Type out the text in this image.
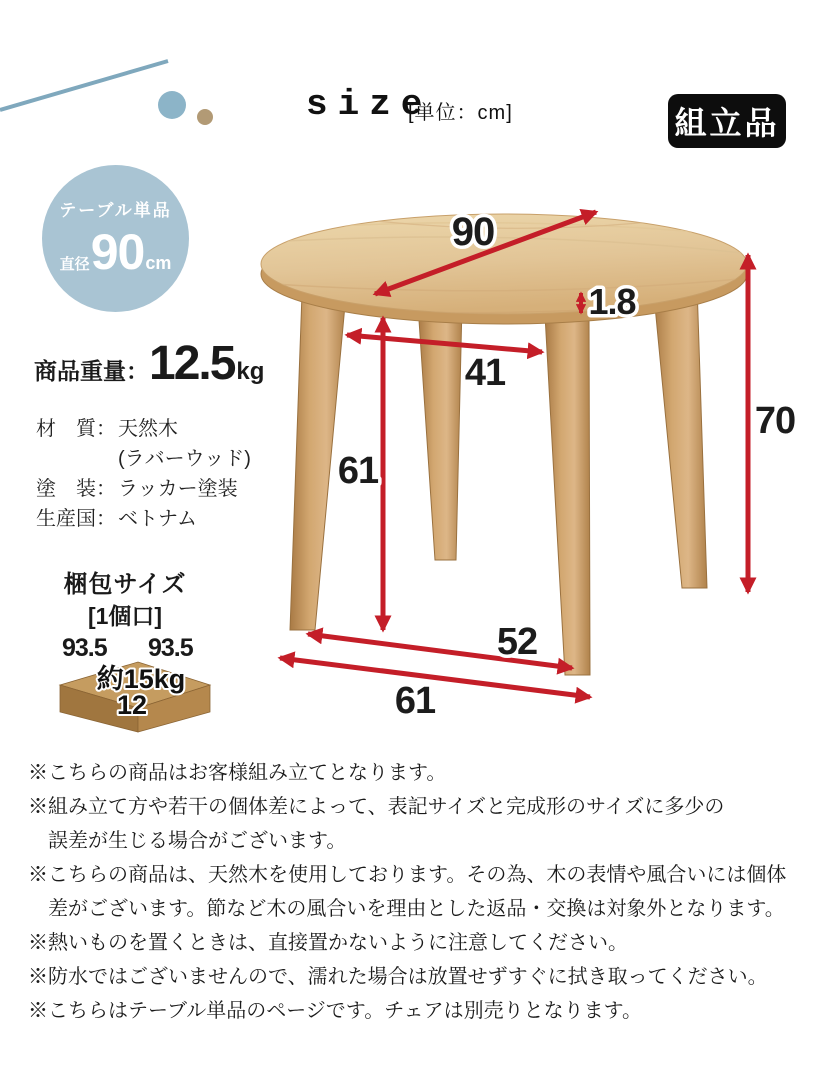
size
[単位：cm]	組立品
テーブル単品
直径 90 cm
商品重量： 12.5 kg
材　質： 天然木
(ラバーウッド)
塗　装： ラッカー塗装
生産国： ベトナム
梱包サイズ
[1個口]
93.5 93.5
約15kg
12
90
1.8
41
61
70
52
61
※こちらの商品はお客様組み立てとなります。
※組み立て方や若干の個体差によって、表記サイズと完成形のサイズに多少の
誤差が生じる場合がございます。
※こちらの商品は、天然木を使用しております。その為、木の表情や風合いには個体
差がございます。節など木の風合いを理由とした返品・交換は対象外となります。
※熱いものを置くときは、直接置かないように注意してください。
※防水ではございませんので、濡れた場合は放置せずすぐに拭き取ってください。
※こちらはテーブル単品のページです。チェアは別売りとなります。
